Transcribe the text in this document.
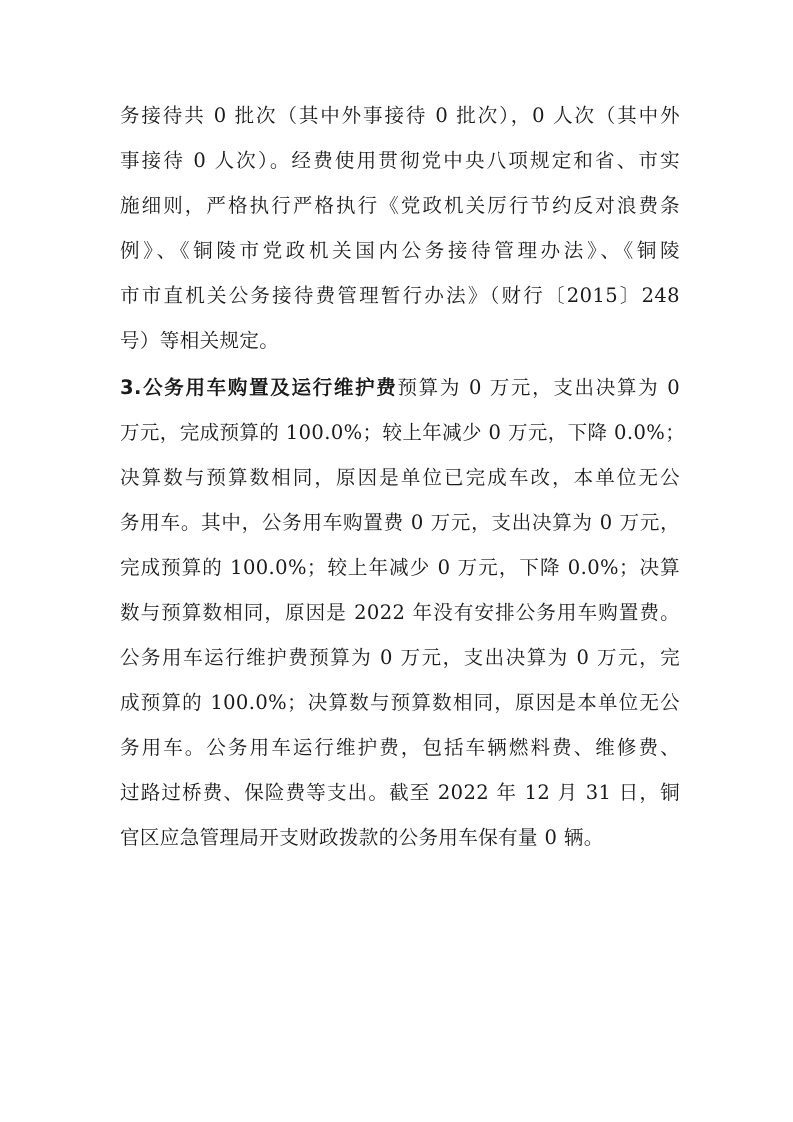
务接待共 0 批次（其中外事接待 0 批次），0 人次（其中外
事接待 0 人次）。经费使用贯彻党中央八项规定和省、市实
施细则，严格执行严格执行《党政机关厉行节约反对浪费条
例》、《铜陵市党政机关国内公务接待管理办法》、《铜陵
市市直机关公务接待费管理暂行办法》（财行〔2015〕248
号）等相关规定。
3.公务用车购置及运行维护费预算为 0 万元，支出决算为 0
万元，完成预算的 100.0%；较上年减少 0 万元，下降 0.0%；
决算数与预算数相同，原因是单位已完成车改，本单位无公
务用车。其中，公务用车购置费 0 万元，支出决算为 0 万元，
完成预算的 100.0%；较上年减少 0 万元，下降 0.0%；决算
数与预算数相同，原因是 2022 年没有安排公务用车购置费。
公务用车运行维护费预算为 0 万元，支出决算为 0 万元，完
成预算的 100.0%；决算数与预算数相同，原因是本单位无公
务用车。公务用车运行维护费，包括车辆燃料费、维修费、
过路过桥费、保险费等支出。截至 2022 年 12 月 31 日，铜
官区应急管理局开支财政拨款的公务用车保有量 0 辆。
